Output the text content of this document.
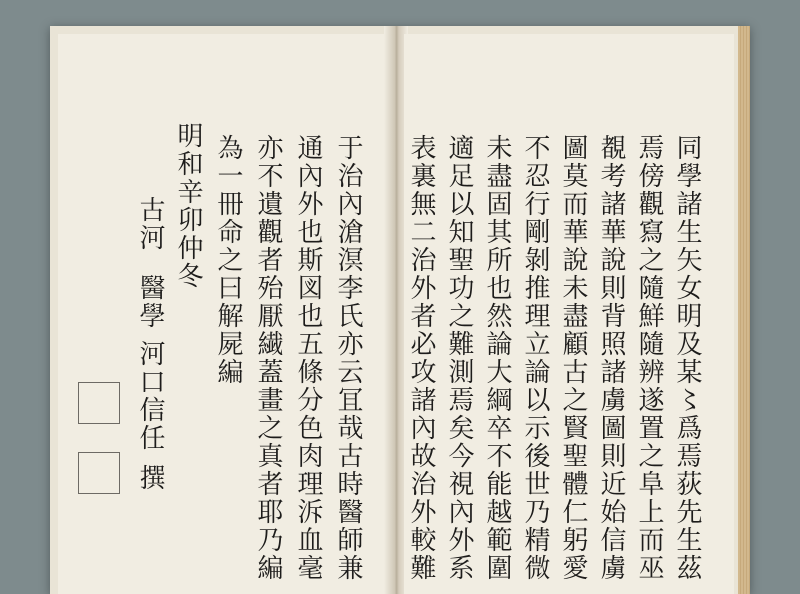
于治內滄溟李氏亦云冝哉古時醫師兼
通內外也斯図也五條分色肉理泝血毫
亦不遺觀者殆厭繊蓋畫之真者耶乃編
為一冊命之曰解屍編
明和辛卯仲冬
古河
醫學
河口信任
撰	同學諸生矢女明及某〻爲焉荻先生茲
焉傍觀寫之隨鮮隨辨遂置之阜上而巫
覩考諸華說則背照諸虜圖則近始信虜
圖莫而華說未盡顧古之賢聖體仁躬愛
不忍行剛剝推理立論以示後世乃精微
未盡固其所也然論大綱卒不能越範圍
適足以知聖功之難測焉矣今視內外系
表裏無二治外者必攻諸內故治外較難
